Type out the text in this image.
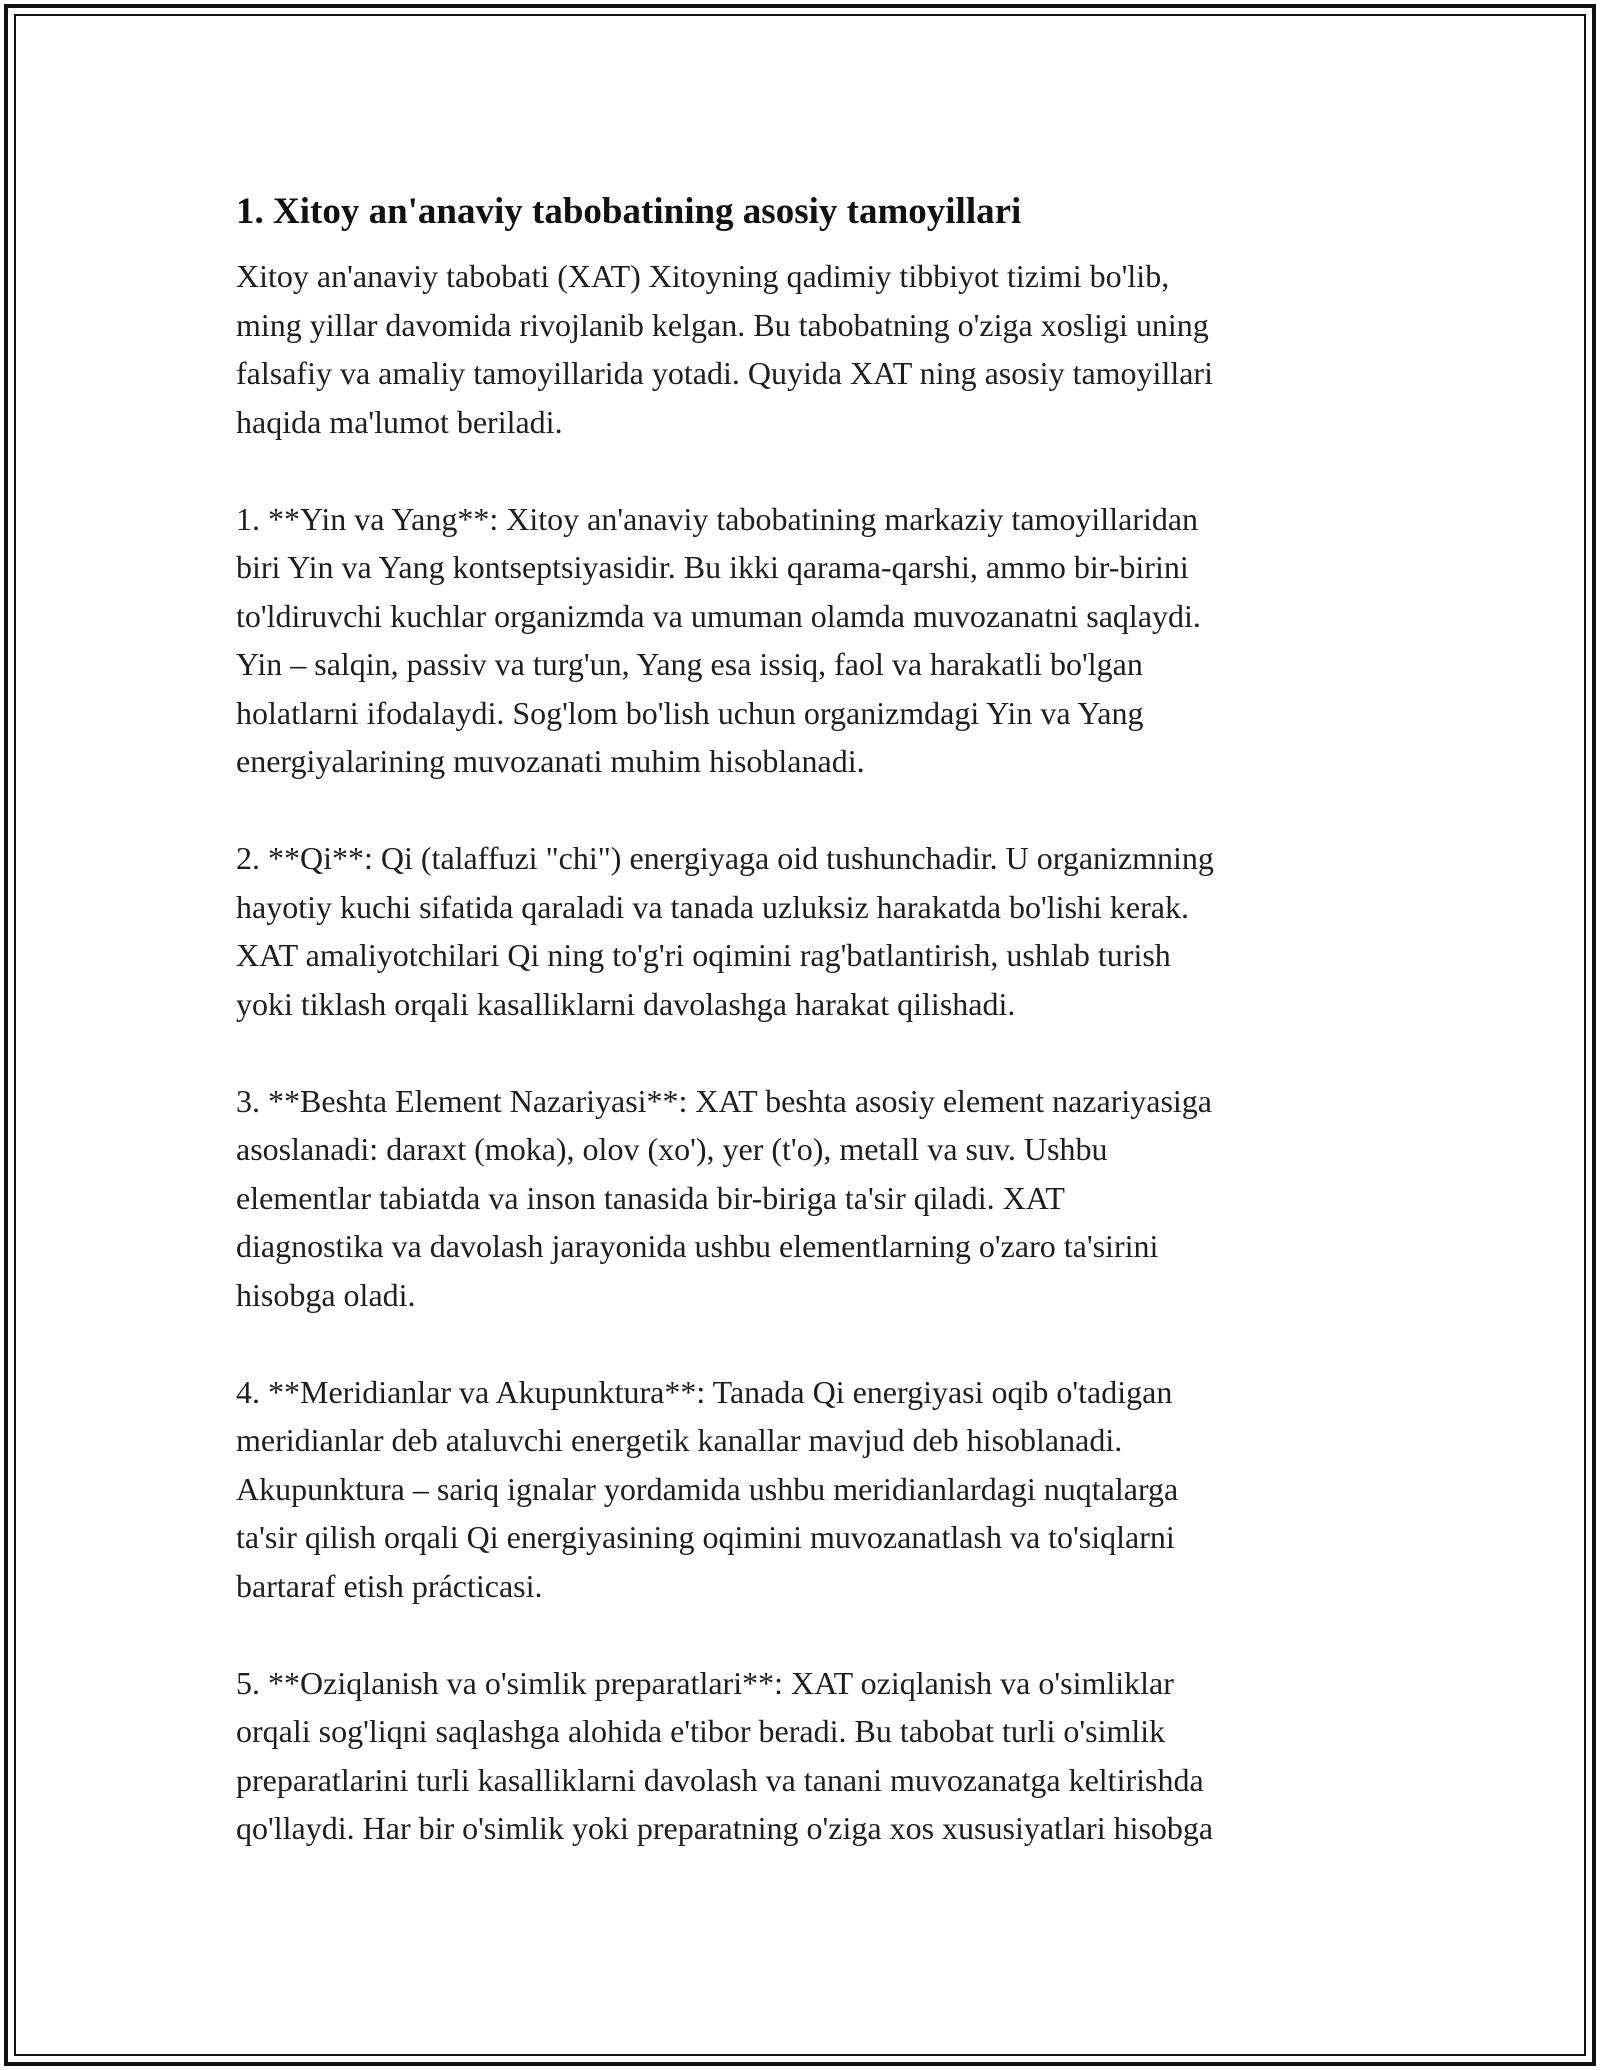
1. Xitoy an'anaviy tabobatining asosiy tamoyillari

Xitoy an'anaviy tabobati (XAT) Xitoyning qadimiy tibbiyot tizimi bo'lib,
ming yillar davomida rivojlanib kelgan. Bu tabobatning o'ziga xosligi uning
falsafiy va amaliy tamoyillarida yotadi. Quyida XAT ning asosiy tamoyillari
haqida ma'lumot beriladi.

1. **Yin va Yang**: Xitoy an'anaviy tabobatining markaziy tamoyillaridan
biri Yin va Yang kontseptsiyasidir. Bu ikki qarama-qarshi, ammo bir-birini
to'ldiruvchi kuchlar organizmda va umuman olamda muvozanatni saqlaydi.
Yin – salqin, passiv va turg'un, Yang esa issiq, faol va harakatli bo'lgan
holatlarni ifodalaydi. Sog'lom bo'lish uchun organizmdagi Yin va Yang
energiyalarining muvozanati muhim hisoblanadi.

2. **Qi**: Qi (talaffuzi "chi") energiyaga oid tushunchadir. U organizmning
hayotiy kuchi sifatida qaraladi va tanada uzluksiz harakatda bo'lishi kerak.
XAT amaliyotchilari Qi ning to'g'ri oqimini rag'batlantirish, ushlab turish
yoki tiklash orqali kasalliklarni davolashga harakat qilishadi.

3. **Beshta Element Nazariyasi**: XAT beshta asosiy element nazariyasiga
asoslanadi: daraxt (moka), olov (xo'), yer (t'o), metall va suv. Ushbu
elementlar tabiatda va inson tanasida bir-biriga ta'sir qiladi. XAT
diagnostika va davolash jarayonida ushbu elementlarning o'zaro ta'sirini
hisobga oladi.

4. **Meridianlar va Akupunktura**: Tanada Qi energiyasi oqib o'tadigan
meridianlar deb ataluvchi energetik kanallar mavjud deb hisoblanadi.
Akupunktura – sariq ignalar yordamida ushbu meridianlardagi nuqtalarga
ta'sir qilish orqali Qi energiyasining oqimini muvozanatlash va to'siqlarni
bartaraf etish prácticasi.

5. **Oziqlanish va o'simlik preparatlari**: XAT oziqlanish va o'simliklar
orqali sog'liqni saqlashga alohida e'tibor beradi. Bu tabobat turli o'simlik
preparatlarini turli kasalliklarni davolash va tanani muvozanatga keltirishda
qo'llaydi. Har bir o'simlik yoki preparatning o'ziga xos xususiyatlari hisobga
